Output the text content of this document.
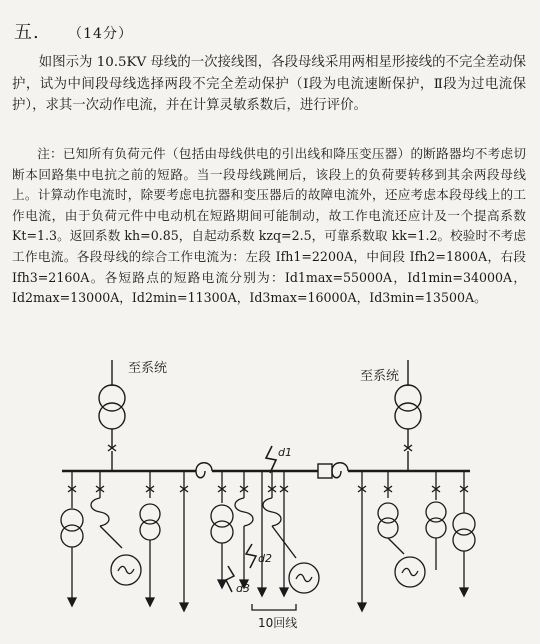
五. （14分）
如图示为 10.5KV 母线的一次接线图，各段母线采用两相星形接线的不完全差动保护，试为中间段母线选择两段不完全差动保护（Ⅰ段为电流速断保护，Ⅱ段为过电流保护），求其一次动作电流，并在计算灵敏系数后，进行评价。
注：已知所有负荷元件（包括由母线供电的引出线和降压变压器）的断路器均不考虑切断本回路集中电抗之前的短路。当一段母线跳闸后，该段上的负荷要转移到其余两段母线上。计算动作电流时，除要考虑电抗器和变压器后的故障电流外，还应考虑本段母线上的工作电流，由于负荷元件中电动机在短路期间可能制动，故工作电流还应计及一个提高系数 Kt=1.3。返回系数 kh=0.85，自起动系数 kzq=2.5，可靠系数取 kk=1.2。校验时不考虑工作电流。各段母线的综合工作电流为：左段 Ifh1=2200A，中间段 Ifh2=1800A，右段 Ifh3=2160A。各短路点的短路电流分别为：Id1max=55000A，Id1min=34000A，Id2max=13000A，Id2min=11300A，Id3max=16000A，Id3min=13500A。
至系统
至系统
d1
d2
d3
10回线
